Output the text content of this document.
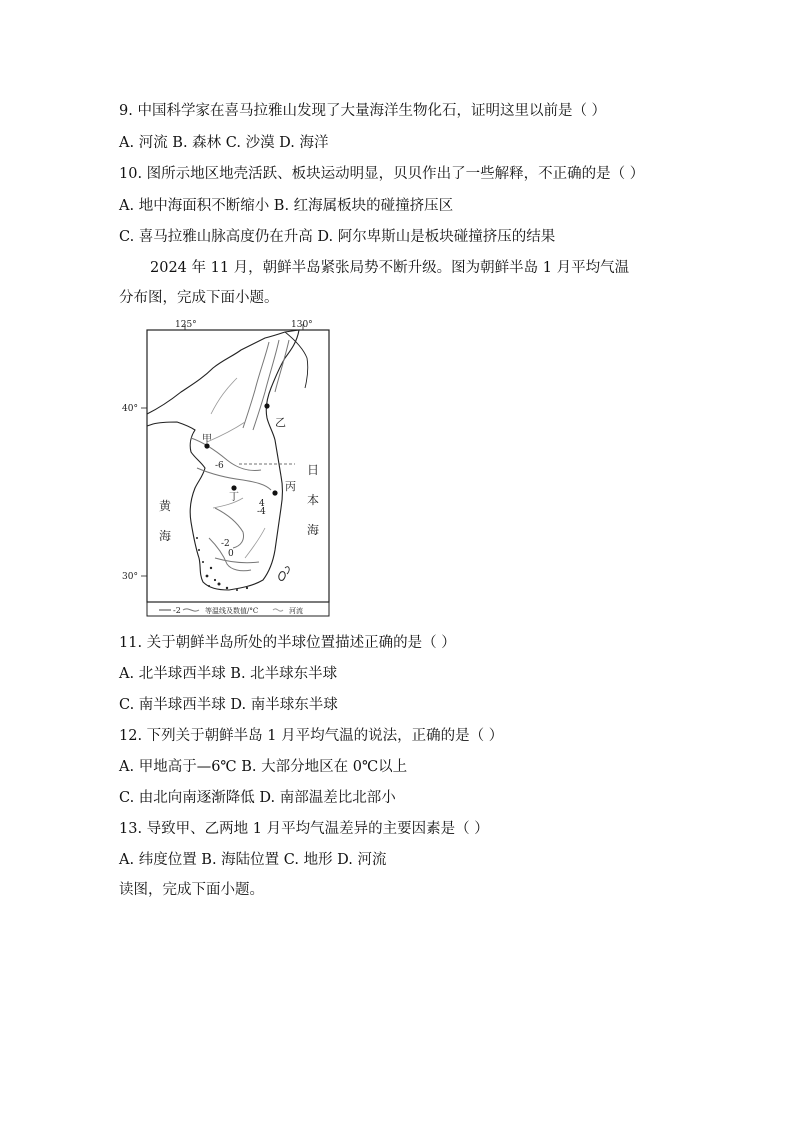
9. 中国科学家在喜马拉雅山发现了大量海洋生物化石，证明这里以前是（ ）
A. 河流 B. 森林 C. 沙漠 D. 海洋
10. 图所示地区地壳活跃、板块运动明显，贝贝作出了一些解释，不正确的是（ ）
A. 地中海面积不断缩小 B. 红海属板块的碰撞挤压区
C. 喜马拉雅山脉高度仍在升高 D. 阿尔卑斯山是板块碰撞挤压的结果
2024 年 11 月，朝鲜半岛紧张局势不断升级。图为朝鲜半岛 1 月平均气温
分布图，完成下面小题。
125°	130°
40°
30°
甲
乙
丙
丁
-6
-4
-2
0
4
日
本
海
黄
海
-2	等温线及数值/°C	河流
11. 关于朝鲜半岛所处的半球位置描述正确的是（ ）
A. 北半球西半球 B. 北半球东半球
C. 南半球西半球 D. 南半球东半球
12. 下列关于朝鲜半岛 1 月平均气温的说法，正确的是（ ）
A. 甲地高于—6℃ B. 大部分地区在 0℃以上
C. 由北向南逐渐降低 D. 南部温差比北部小
13. 导致甲、乙两地 1 月平均气温差异的主要因素是（ ）
A. 纬度位置 B. 海陆位置 C. 地形 D. 河流
读图，完成下面小题。
